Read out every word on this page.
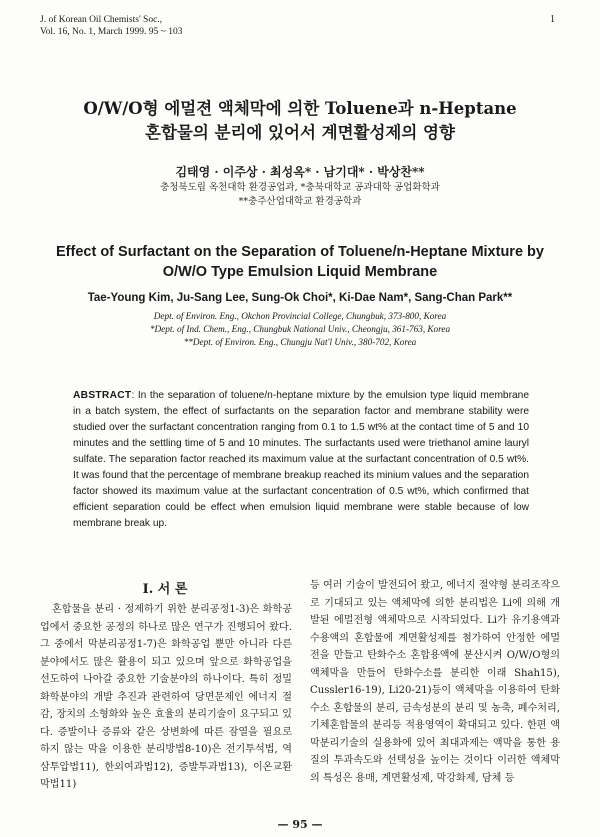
J. of Korean Oil Chemists' Soc.,
Vol. 16, No. 1, March 1999. 95 ~ 103
1
O/W/O형 에멀젼 액체막에 의한 Toluene과 n-Heptane
혼합물의 분리에 있어서 계면활성제의 영향
김태영 · 이주상 · 최성옥* · 남기대* · 박상찬**
충청북도립 옥천대학 환경공업과, *충북대학교 공과대학 공업화학과
**충주산업대학교 환경공학과
Effect of Surfactant on the Separation of Toluene/n-Heptane Mixture by
O/W/O Type Emulsion Liquid Membrane
Tae-Young Kim, Ju-Sang Lee, Sung-Ok Choi*, Ki-Dae Nam*, Sang-Chan Park**
Dept. of Environ. Eng., Okchon Provincial College, Chungbuk, 373-800, Korea
*Dept. of Ind. Chem., Eng., Chungbuk National Univ., Cheongju, 361-763, Korea
**Dept. of Environ. Eng., Chungju Nat'l Univ., 380-702, Korea
ABSTRACT: In the separation of toluene/n-heptane mixture by the emulsion type liquid membrane in a batch system, the effect of surfactants on the separation factor and membrane stability were studied over the surfactant concentration ranging from 0.1 to 1.5 wt% at the contact time of 5 and 10 minutes and the settling time of 5 and 10 minutes. The surfactants used were triethanol amine lauryl sulfate. The separation factor reached its maximum value at the surfactant concentration of 0.5 wt%. It was found that the percentage of membrane breakup reached its minium values and the separation factor showed its maximum value at the surfactant concentration of 0.5 wt%, which confirmed that efficient separation could be effect when emulsion liquid membrane were stable because of low membrane break up.
I. 서 론

혼합물을 분리 · 정제하기 위한 분리공정1-3)은 화학공업에서 중요한 공정의 하나로 많은 연구가 진행되어 왔다. 그 중에서 막분리공정1-7)은 화학공업 뿐만 아니라 다른 분야에서도 많은 활용이 되고 있으며 앞으로 화학공업을 선도하여 나아갈 중요한 기술분야의 하나이다. 특히 정밀 화학분야의 개발 추진과 관련하여 당면문제인 에너지 절감, 장치의 소형화와 높은 효율의 분리기술이 요구되고 있다. 증발이나 증류와 같은 상변화에 따른 잠열을 필요로 하지 않는 막을 이용한 분리방법8-10)은 전기투석법, 역삼투압법11), 한외여과법12), 증발투과법13), 이온교환막법11)

등 여러 기술이 발전되어 왔고, 에너지 절약형 분리조작으로 기대되고 있는 액체막에 의한 분리법은 Li에 의해 개발된 에멀전형 액체막으로 시작되었다. Li가 유기용액과 수용액의 혼합물에 계면활성제를 첨가하여 안정한 에멀전을 만들고 탄화수소 혼합용액에 분산시켜 O/W/O형의 액체막을 만들어 탄화수소를 분리한 이래 Shah15), Cussler16-19), Li20-21)등이 액체막을 이용하여 탄화수소 혼합물의 분리, 금속성분의 분리 및 농축, 폐수처리, 기체혼합물의 분리등 적용영역이 확대되고 있다. 한편 액막분리기술의 실용화에 있어 최대과제는 액막을 통한 용질의 투과속도와 선택성을 높이는 것이다 이러한 액체막의 특성은 용매, 계면활성제, 막강화제, 담체 등

— 95 —
